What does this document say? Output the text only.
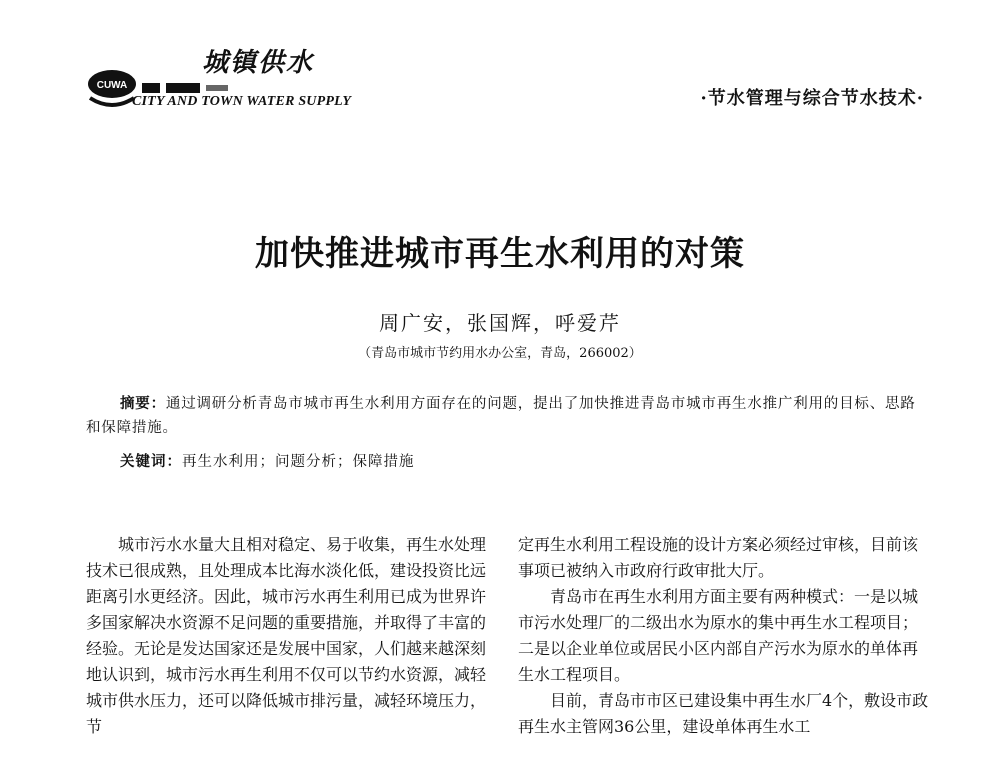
CUWA
城镇供水
CITY AND TOWN WATER SUPPLY	·节水管理与综合节水技术·
加快推进城市再生水利用的对策
周广安，张国辉，呼爱芹
（青岛市城市节约用水办公室，青岛，266002）
摘要：通过调研分析青岛市城市再生水利用方面存在的问题，提出了加快推进青岛市城市再生水推广利用的目标、思路和保障措施。
关键词：再生水利用；问题分析；保障措施

城市污水水量大且相对稳定、易于收集，再生水处理技术已很成熟，且处理成本比海水淡化低，建设投资比远距离引水更经济。因此，城市污水再生利用已成为世界许多国家解决水资源不足问题的重要措施，并取得了丰富的经验。无论是发达国家还是发展中国家，人们越来越深刻地认识到，城市污水再生利用不仅可以节约水资源，减轻城市供水压力，还可以降低城市排污量，减轻环境压力，节

定再生水利用工程设施的设计方案必须经过审核，目前该事项已被纳入市政府行政审批大厅。

青岛市在再生水利用方面主要有两种模式：一是以城市污水处理厂的二级出水为原水的集中再生水工程项目；二是以企业单位或居民小区内部自产污水为原水的单体再生水工程项目。

目前，青岛市市区已建设集中再生水厂4个，敷设市政再生水主管网36公里，建设单体再生水工
